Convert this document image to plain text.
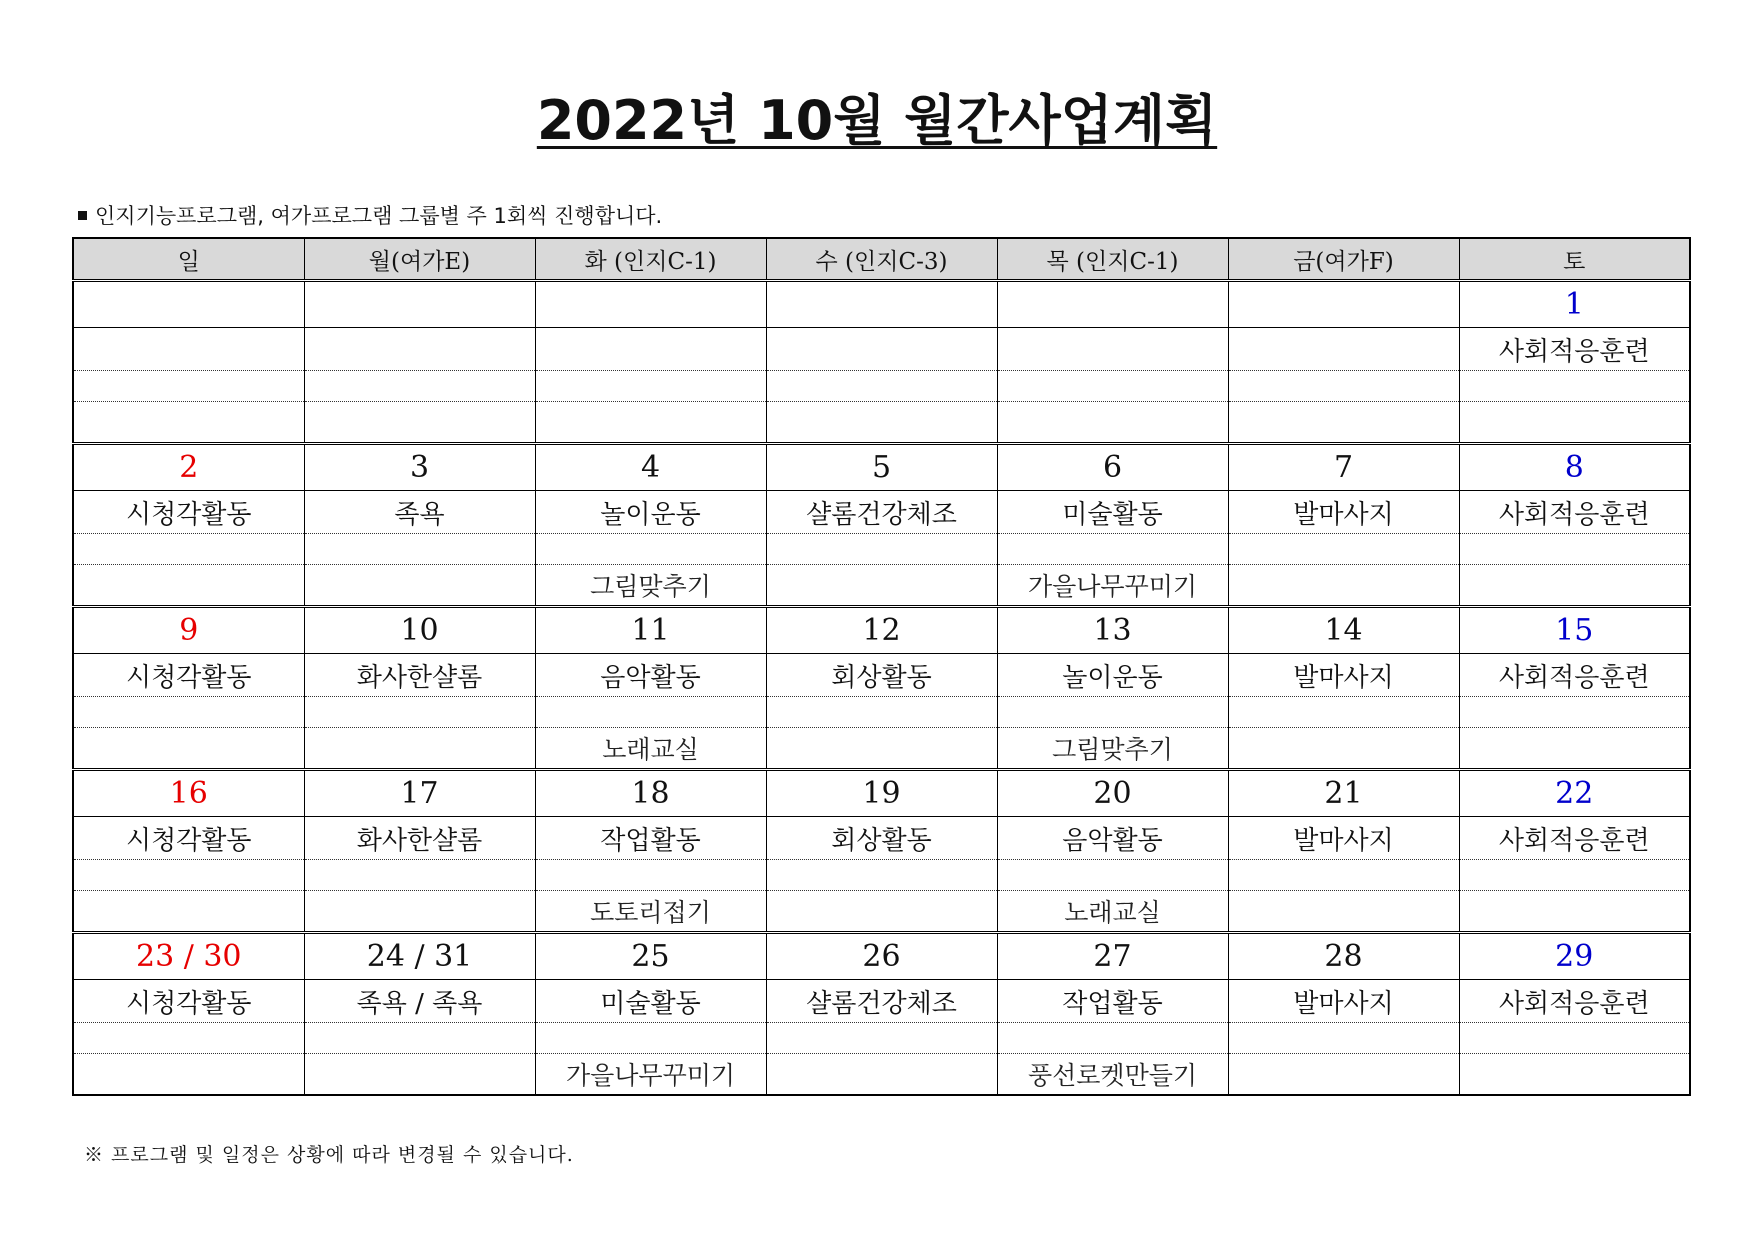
2022년 10월 월간사업계획
인지기능프로그램, 여가프로그램 그룹별 주 1회씩 진행합니다.
일	월(여가E)	화 (인지C-1)	수 (인지C-3)	목 (인지C-1)	금(여가F)	토
						1
						사회적응훈련

2	3	4	5	6	7	8
시청각활동	족욕	놀이운동	샬롬건강체조	미술활동	발마사지	사회적응훈련

		그림맞추기		가을나무꾸미기		
9	10	11	12	13	14	15
시청각활동	화사한샬롬	음악활동	회상활동	놀이운동	발마사지	사회적응훈련

		노래교실		그림맞추기		
16	17	18	19	20	21	22
시청각활동	화사한샬롬	작업활동	회상활동	음악활동	발마사지	사회적응훈련

		도토리접기		노래교실		
23 / 30	24 / 31	25	26	27	28	29
시청각활동	족욕 / 족욕	미술활동	샬롬건강체조	작업활동	발마사지	사회적응훈련

		가을나무꾸미기		풍선로켓만들기		
※ 프로그램 및 일정은 상황에 따라 변경될 수 있습니다.
